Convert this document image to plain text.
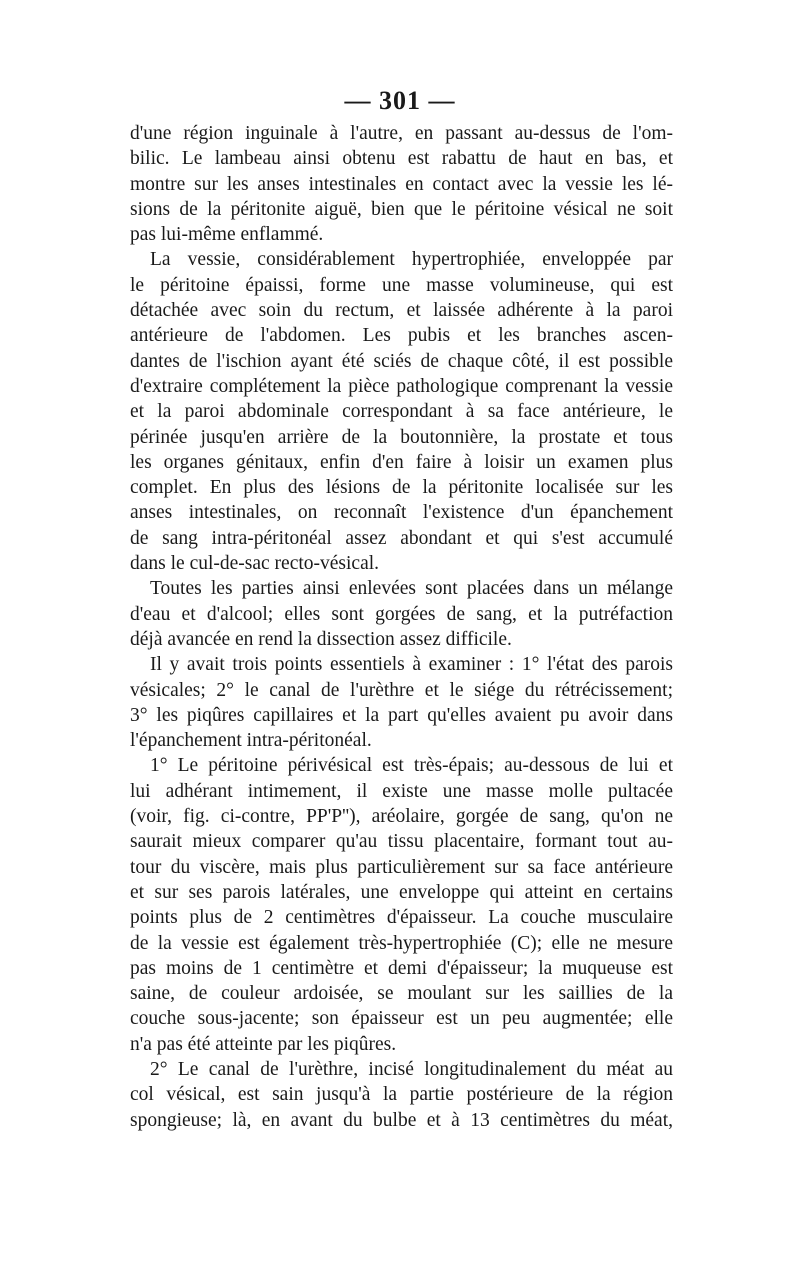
— 301 —
d'une région inguinale à l'autre, en passant au-dessus de l'om-
bilic. Le lambeau ainsi obtenu est rabattu de haut en bas, et
montre sur les anses intestinales en contact avec la vessie les lé-
sions de la péritonite aiguë, bien que le péritoine vésical ne soit
pas lui-même enflammé.
La vessie, considérablement hypertrophiée, enveloppée par
le péritoine épaissi, forme une masse volumineuse, qui est
détachée avec soin du rectum, et laissée adhérente à la paroi
antérieure de l'abdomen. Les pubis et les branches ascen-
dantes de l'ischion ayant été sciés de chaque côté, il est possible
d'extraire complétement la pièce pathologique comprenant la vessie
et la paroi abdominale correspondant à sa face antérieure, le
périnée jusqu'en arrière de la boutonnière, la prostate et tous
les organes génitaux, enfin d'en faire à loisir un examen plus
complet. En plus des lésions de la péritonite localisée sur les
anses intestinales, on reconnaît l'existence d'un épanchement
de sang intra-péritonéal assez abondant et qui s'est accumulé
dans le cul-de-sac recto-vésical.
Toutes les parties ainsi enlevées sont placées dans un mélange
d'eau et d'alcool; elles sont gorgées de sang, et la putréfaction
déjà avancée en rend la dissection assez difficile.
Il y avait trois points essentiels à examiner : 1° l'état des parois
vésicales; 2° le canal de l'urèthre et le siége du rétrécissement;
3° les piqûres capillaires et la part qu'elles avaient pu avoir dans
l'épanchement intra-péritonéal.
1° Le péritoine périvésical est très-épais; au-dessous de lui et
lui adhérant intimement, il existe une masse molle pultacée
(voir, fig. ci-contre, PP'P''), aréolaire, gorgée de sang, qu'on ne
saurait mieux comparer qu'au tissu placentaire, formant tout au-
tour du viscère, mais plus particulièrement sur sa face antérieure
et sur ses parois latérales, une enveloppe qui atteint en certains
points plus de 2 centimètres d'épaisseur. La couche musculaire
de la vessie est également très-hypertrophiée (C); elle ne mesure
pas moins de 1 centimètre et demi d'épaisseur; la muqueuse est
saine, de couleur ardoisée, se moulant sur les saillies de la
couche sous-jacente; son épaisseur est un peu augmentée; elle
n'a pas été atteinte par les piqûres.
2° Le canal de l'urèthre, incisé longitudinalement du méat au
col vésical, est sain jusqu'à la partie postérieure de la région
spongieuse; là, en avant du bulbe et à 13 centimètres du méat,
